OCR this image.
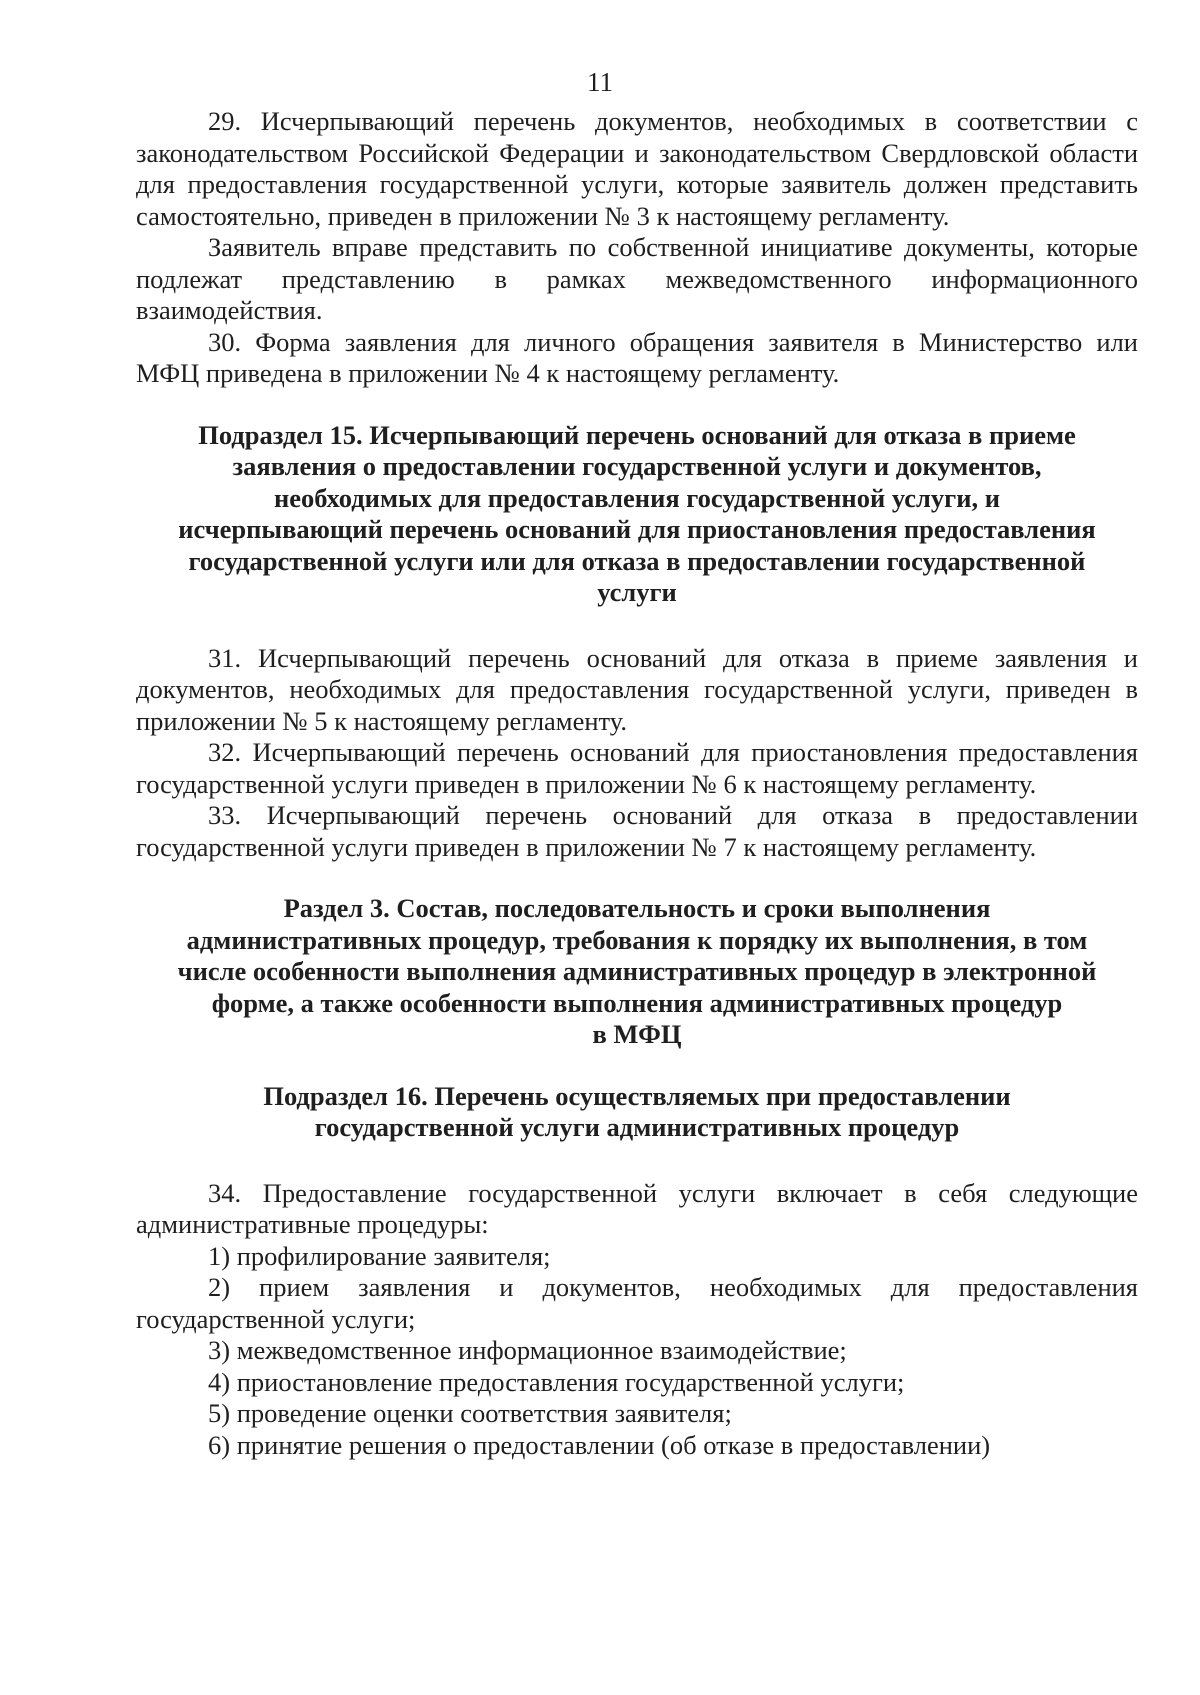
11

29. Исчерпывающий перечень документов, необходимых в соответствии с законодательством Российской Федерации и законодательством Свердловской области для предоставления государственной услуги, которые заявитель должен представить самостоятельно, приведен в приложении № 3 к настоящему регламенту.

Заявитель вправе представить по собственной инициативе документы, которые подлежат представлению в рамках межведомственного информационного взаимодействия.

30. Форма заявления для личного обращения заявителя в Министерство или МФЦ приведена в приложении № 4 к настоящему регламенту.

Подраздел 15. Исчерпывающий перечень оснований для отказа в приеме

заявления о предоставлении государственной услуги и документов,

необходимых для предоставления государственной услуги, и

исчерпывающий перечень оснований для приостановления предоставления

государственной услуги или для отказа в предоставлении государственной

услуги

31. Исчерпывающий перечень оснований для отказа в приеме заявления и документов, необходимых для предоставления государственной услуги, приведен в приложении № 5 к настоящему регламенту.

32. Исчерпывающий перечень оснований для приостановления предоставления государственной услуги приведен в приложении № 6 к настоящему регламенту.

33. Исчерпывающий перечень оснований для отказа в предоставлении государственной услуги приведен в приложении № 7 к настоящему регламенту.

Раздел 3. Состав, последовательность и сроки выполнения

административных процедур, требования к порядку их выполнения, в том

числе особенности выполнения административных процедур в электронной

форме, а также особенности выполнения административных процедур

в МФЦ

Подраздел 16. Перечень осуществляемых при предоставлении

государственной услуги административных процедур

34. Предоставление государственной услуги включает в себя следующие административные процедуры:

1) профилирование заявителя;

2) прием заявления и документов, необходимых для предоставления государственной услуги;

3) межведомственное информационное взаимодействие;

4) приостановление предоставления государственной услуги;

5) проведение оценки соответствия заявителя;

6) принятие решения о предоставлении (об отказе в предоставлении)
